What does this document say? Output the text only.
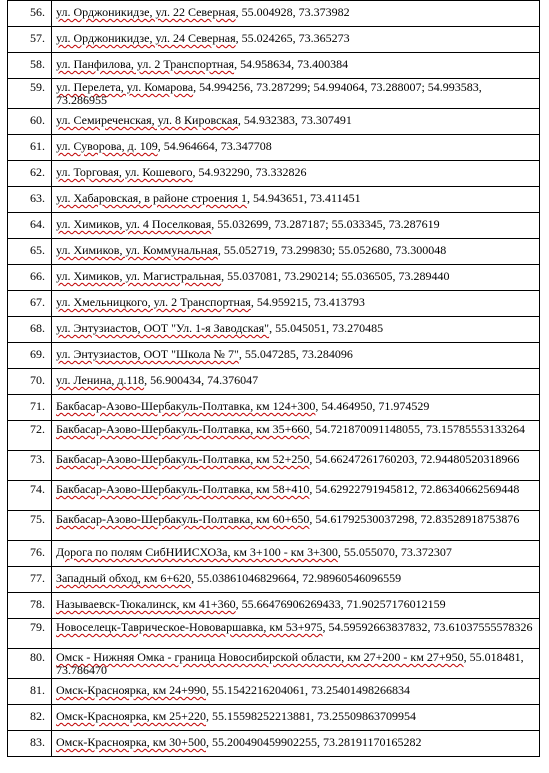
56.	ул. Орджоникидзе, ул. 22 Северная, 55.004928, 73.373982

57.	ул. Орджоникидзе, ул. 24 Северная, 55.024265, 73.365273

58.	ул. Панфилова, ул. 2 Транспортная, 54.958634, 73.400384

59.	ул. Перелета, ул. Комарова, 54.994256, 73.287299; 54.994064, 73.288007; 54.993583, 73.286955

60.	ул. Семиреченская, ул. 8 Кировская, 54.932383, 73.307491

61.	ул. Суворова, д. 109, 54.964664, 73.347708

62.	ул. Торговая, ул. Кошевого, 54.932290, 73.332826

63.	ул. Хабаровская, в районе строения 1, 54.943651, 73.411451

64.	ул. Химиков, ул. 4 Поселковая, 55.032699, 73.287187; 55.033345, 73.287619

65.	ул. Химиков, ул. Коммунальная, 55.052719, 73.299830; 55.052680, 73.300048

66.	ул. Химиков, ул. Магистральная, 55.037081, 73.290214; 55.036505, 73.289440

67.	ул. Хмельницкого, ул. 2 Транспортная, 54.959215, 73.413793

68.	ул. Энтузиастов, ООТ "Ул. 1-я Заводская", 55.045051, 73.270485

69.	ул. Энтузиастов, ООТ "Школа № 7", 55.047285, 73.284096

70.	ул. Ленина, д.118, 56.900434, 74.376047

71.	Бакбасар-Азово-Шербакуль-Полтавка, км 124+300, 54.464950, 71.974529

72.	Бакбасар-Азово-Шербакуль-Полтавка, км 35+660, 54.721870091148055, 73.15785553133264

73.	Бакбасар-Азово-Шербакуль-Полтавка, км 52+250, 54.66247261760203, 72.94480520318966

74.	Бакбасар-Азово-Шербакуль-Полтавка, км 58+410, 54.62922791945812, 72.86340662569448

75.	Бакбасар-Азово-Шербакуль-Полтавка, км 60+650, 54.61792530037298, 72.83528918753876

76.	Дорога по полям СибНИИСХОЗа, км 3+100 - км 3+300, 55.055070, 73.372307

77.	Западный обход, км 6+620, 55.03861046829664, 72.98960546096559

78.	Называевск-Тюкалинск, км 41+360, 55.66476906269433, 71.90257176012159

79.	Новоселецк-Таврическое-Нововаршавка, км 53+975, 54.59592663837832, 73.61037555578326

80.	Омск - Нижняя Омка - граница Новосибирской области, км 27+200 - км 27+950, 55.018481, 73.786470

81.	Омск-Красноярка, км 24+990, 55.1542216204061, 73.25401498266834

82.	Омск-Красноярка, км 25+220, 55.15598252213881, 73.25509863709954

83.	Омск-Красноярка, км 30+500, 55.200490459902255, 73.28191170165282
